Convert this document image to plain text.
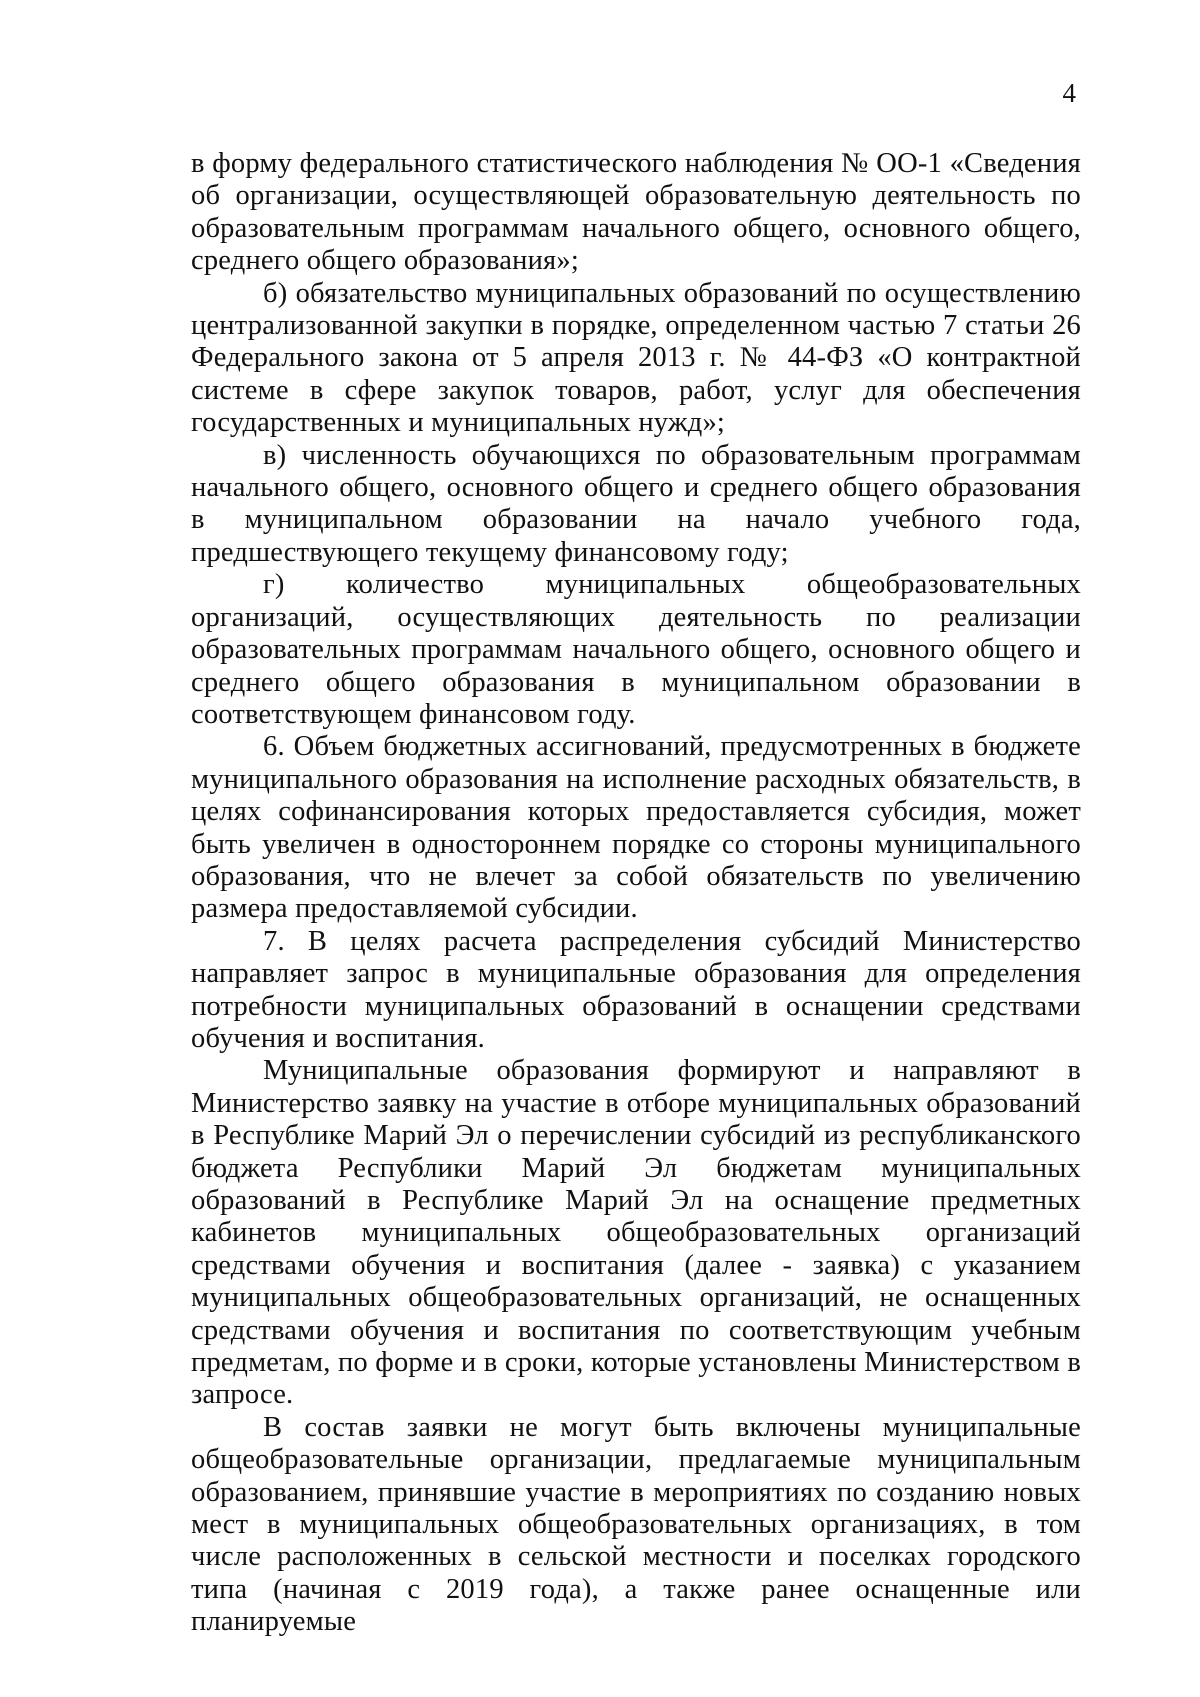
4

в форму федерального статистического наблюдения № ОО-1 «Сведения об организации, осуществляющей образовательную деятельность по образовательным программам начального общего, основного общего, среднего общего образования»;

б) обязательство муниципальных образований по осуществлению централизованной закупки в порядке, определенном частью 7 статьи 26 Федерального закона от 5 апреля 2013 г. № 44-ФЗ «О контрактной системе в сфере закупок товаров, работ, услуг для обеспечения государственных и муниципальных нужд»;

в) численность обучающихся по образовательным программам начального общего, основного общего и среднего общего образования в муниципальном образовании на начало учебного года, предшествующего текущему финансовому году;

г) количество муниципальных общеобразовательных организаций, осуществляющих деятельность по реализации образовательных программам начального общего, основного общего и среднего общего образования в муниципальном образовании в соответствующем финансовом году.

6. Объем бюджетных ассигнований, предусмотренных в бюджете муниципального образования на исполнение расходных обязательств, в целях софинансирования которых предоставляется субсидия, может быть увеличен в одностороннем порядке со стороны муниципального образования, что не влечет за собой обязательств по увеличению размера предоставляемой субсидии.

7. В целях расчета распределения субсидий Министерство направляет запрос в муниципальные образования для определения потребности муниципальных образований в оснащении средствами обучения и воспитания.

Муниципальные образования формируют и направляют в Министерство заявку на участие в отборе муниципальных образований в Республике Марий Эл о перечислении субсидий из республиканского бюджета Республики Марий Эл бюджетам муниципальных образований в Республике Марий Эл на оснащение предметных кабинетов муниципальных общеобразовательных организаций средствами обучения и воспитания (далее - заявка) с указанием муниципальных общеобразовательных организаций, не оснащенных средствами обучения и воспитания по соответствующим учебным предметам, по форме и в сроки, которые установлены Министерством в запросе.

В состав заявки не могут быть включены муниципальные общеобразовательные организации, предлагаемые муниципальным образованием, принявшие участие в мероприятиях по созданию новых мест в муниципальных общеобразовательных организациях, в том числе расположенных в сельской местности и поселках городского типа (начиная с 2019 года), а также ранее оснащенные или планируемые
